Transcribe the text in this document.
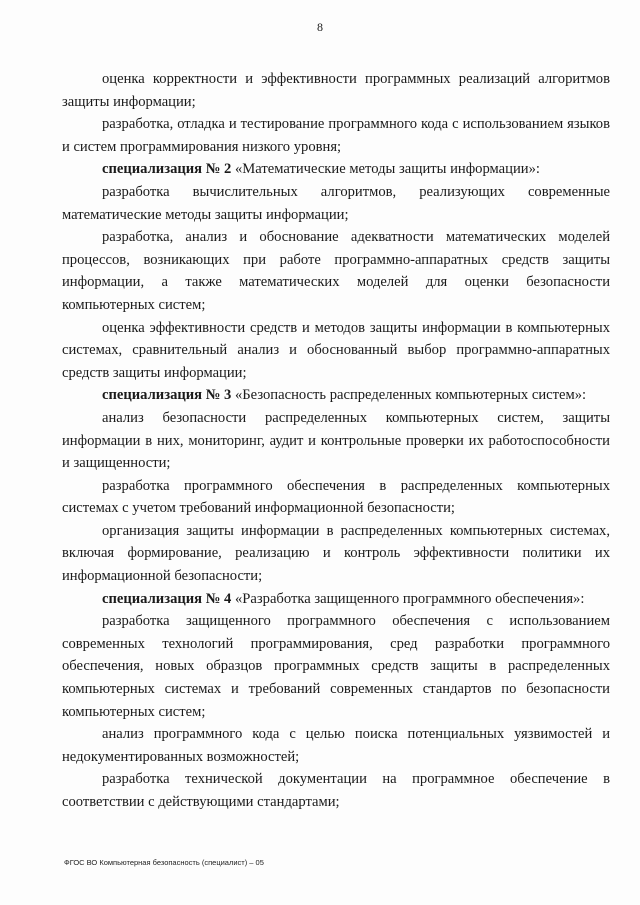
8

оценка корректности и эффективности программных реализаций алгоритмов защиты информации;

разработка, отладка и тестирование программного кода с использованием языков и систем программирования низкого уровня;

специализация № 2 «Математические методы защиты информации»:

разработка вычислительных алгоритмов, реализующих современные математические методы защиты информации;

разработка, анализ и обоснование адекватности математических моделей процессов, возникающих при работе программно-аппаратных средств защиты информации, а также математических моделей для оценки безопасности компьютерных систем;

оценка эффективности средств и методов защиты информации в компьютерных системах, сравнительный анализ и обоснованный выбор программно-аппаратных средств защиты информации;

специализация № 3 «Безопасность распределенных компьютерных систем»:

анализ безопасности распределенных компьютерных систем, защиты информации в них, мониторинг, аудит и контрольные проверки их работоспособности и защищенности;

разработка программного обеспечения в распределенных компьютерных системах с учетом требований информационной безопасности;

организация защиты информации в распределенных компьютерных системах, включая формирование, реализацию и контроль эффективности политики их информационной безопасности;

специализация № 4 «Разработка защищенного программного обеспечения»:

разработка защищенного программного обеспечения с использованием современных технологий программирования, сред разработки программного обеспечения, новых образцов программных средств защиты в распределенных компьютерных системах и требований современных стандартов по безопасности компьютерных систем;

анализ программного кода с целью поиска потенциальных уязвимостей и недокументированных возможностей;

разработка технической документации на программное обеспечение в соответствии с действующими стандартами;

ФГОС ВО Компьютерная безопасность (специалист) – 05
